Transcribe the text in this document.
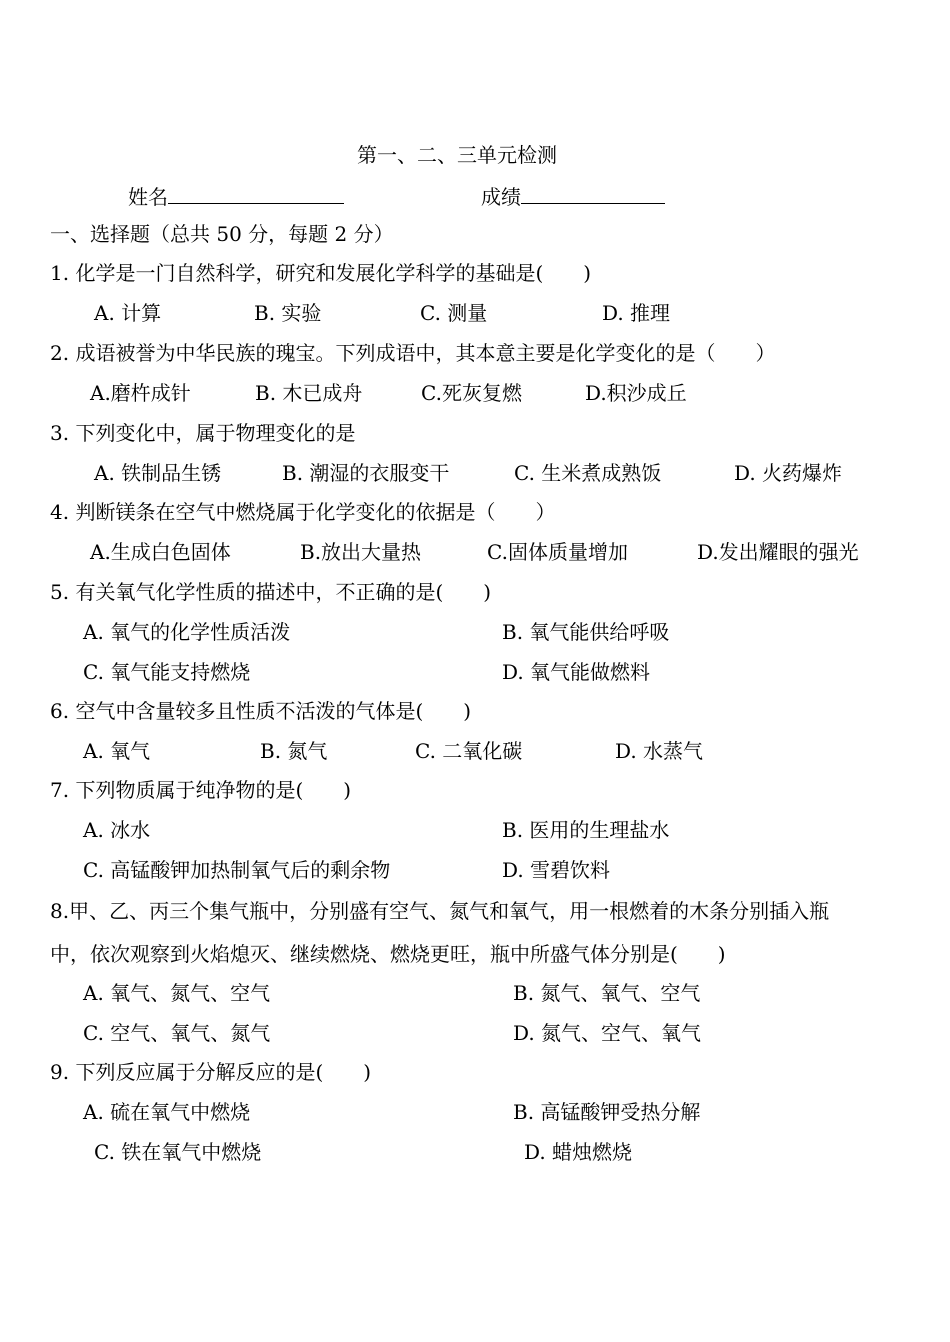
第一、二、三单元检测
姓名	成绩
一、选择题（总共 50 分，每题 2 分）
1. 化学是一门自然科学，研究和发展化学科学的基础是(　　)
A. 计算	B. 实验	C. 测量	D. 推理
2. 成语被誉为中华民族的瑰宝。下列成语中，其本意主要是化学变化的是（　　）
A.磨杵成针	B. 木已成舟	C.死灰复燃	D.积沙成丘
3. 下列变化中，属于物理变化的是
A. 铁制品生锈	B. 潮湿的衣服变干	C. 生米煮成熟饭	D. 火药爆炸
4. 判断镁条在空气中燃烧属于化学变化的依据是（　　）
A.生成白色固体	B.放出大量热	C.固体质量增加	D.发出耀眼的强光
5. 有关氧气化学性质的描述中，不正确的是(　　)
A. 氧气的化学性质活泼	B. 氧气能供给呼吸
C. 氧气能支持燃烧	D. 氧气能做燃料
6. 空气中含量较多且性质不活泼的气体是(　　)
A. 氧气	B. 氮气	C. 二氧化碳	D. 水蒸气
7. 下列物质属于纯净物的是(　　)
A. 冰水	B. 医用的生理盐水
C. 高锰酸钾加热制氧气后的剩余物	D. 雪碧饮料
8.甲、乙、丙三个集气瓶中，分别盛有空气、氮气和氧气，用一根燃着的木条分别插入瓶
中，依次观察到火焰熄灭、继续燃烧、燃烧更旺，瓶中所盛气体分别是(　　)
A. 氧气、氮气、空气	B. 氮气、氧气、空气
C. 空气、氧气、氮气	D. 氮气、空气、氧气
9. 下列反应属于分解反应的是(　　)
A. 硫在氧气中燃烧	B. 高锰酸钾受热分解
C. 铁在氧气中燃烧	D. 蜡烛燃烧
